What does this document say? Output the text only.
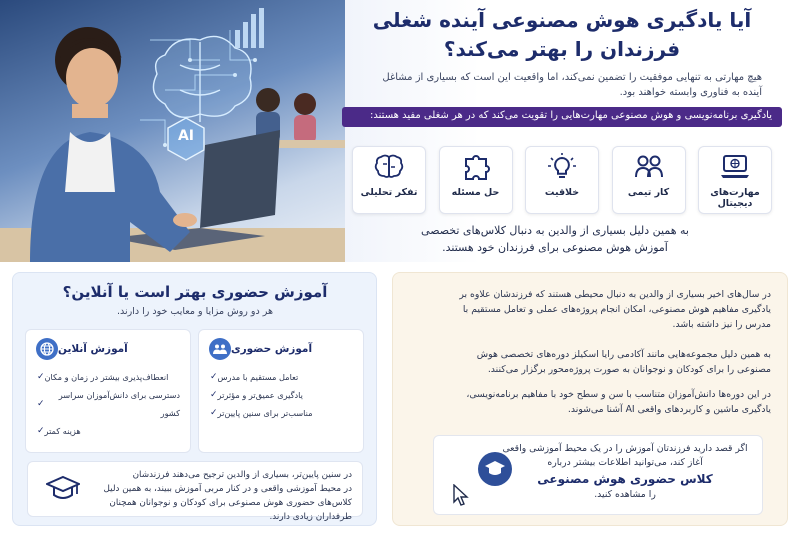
AI
آیا یادگیری هوش مصنوعی آینده شغلی
فرزندان را بهتر می‌کند؟
هیچ مهارتی به تنهایی موفقیت را تضمین نمی‌کند، اما واقعیت این است که بسیاری از مشاغل آینده به فناوری وابسته خواهند بود.
یادگیری برنامه‌نویسی و هوش مصنوعی مهارت‌هایی را تقویت می‌کند که در هر شغلی مفید هستند:
مهارت‌های دیجیتال
کار تیمی
خلاقیت
حل مسئله
تفکر تحلیلی
به همین دلیل بسیاری از والدین به دنبال کلاس‌های تخصصی
آموزش هوش مصنوعی برای فرزندان خود هستند.
آموزش حضوری بهتر است یا آنلاین؟
هر دو روش مزایا و معایب خود را دارند.
آموزش حضوری
✓ تعامل مستقیم با مدرس
✓ یادگیری عمیق‌تر و مؤثرتر
✓ مناسب‌تر برای سنین پایین‌تر
آموزش آنلاین
✓ انعطاف‌پذیری بیشتر در زمان و مکان
✓
دسترسی برای دانش‌آموزان سراسر کشور
✓ هزینه کمتر
در سنین پایین‌تر، بسیاری از والدین ترجیح می‌دهند فرزندشان
در محیط آموزشی واقعی و در کنار مربی آموزش ببیند، به همین دلیل
کلاس‌های حضوری هوش مصنوعی برای کودکان و نوجوانان همچنان
طرفداران زیادی دارند.
در سال‌های اخیر بسیاری از والدین به دنبال محیطی هستند که فرزندشان علاوه بر
یادگیری مفاهیم هوش مصنوعی، امکان انجام پروژه‌های عملی و تعامل مستقیم با
مدرس را نیز داشته باشد.
به همین دلیل مجموعه‌هایی مانند آکادمی رایا اسکیلز دوره‌های تخصصی هوش
مصنوعی را برای کودکان و نوجوانان به صورت پروژه‌محور برگزار می‌کنند.
در این دوره‌ها دانش‌آموزان متناسب با سن و سطح خود با مفاهیم برنامه‌نویسی،
یادگیری ماشین و کاربردهای واقعی AI آشنا می‌شوند.
اگر قصد دارید فرزندتان آموزش را در یک محیط آموزشی واقعی
آغاز کند، می‌توانید اطلاعات بیشتر درباره
کلاس حضوری هوش مصنوعی
را مشاهده کنید.
